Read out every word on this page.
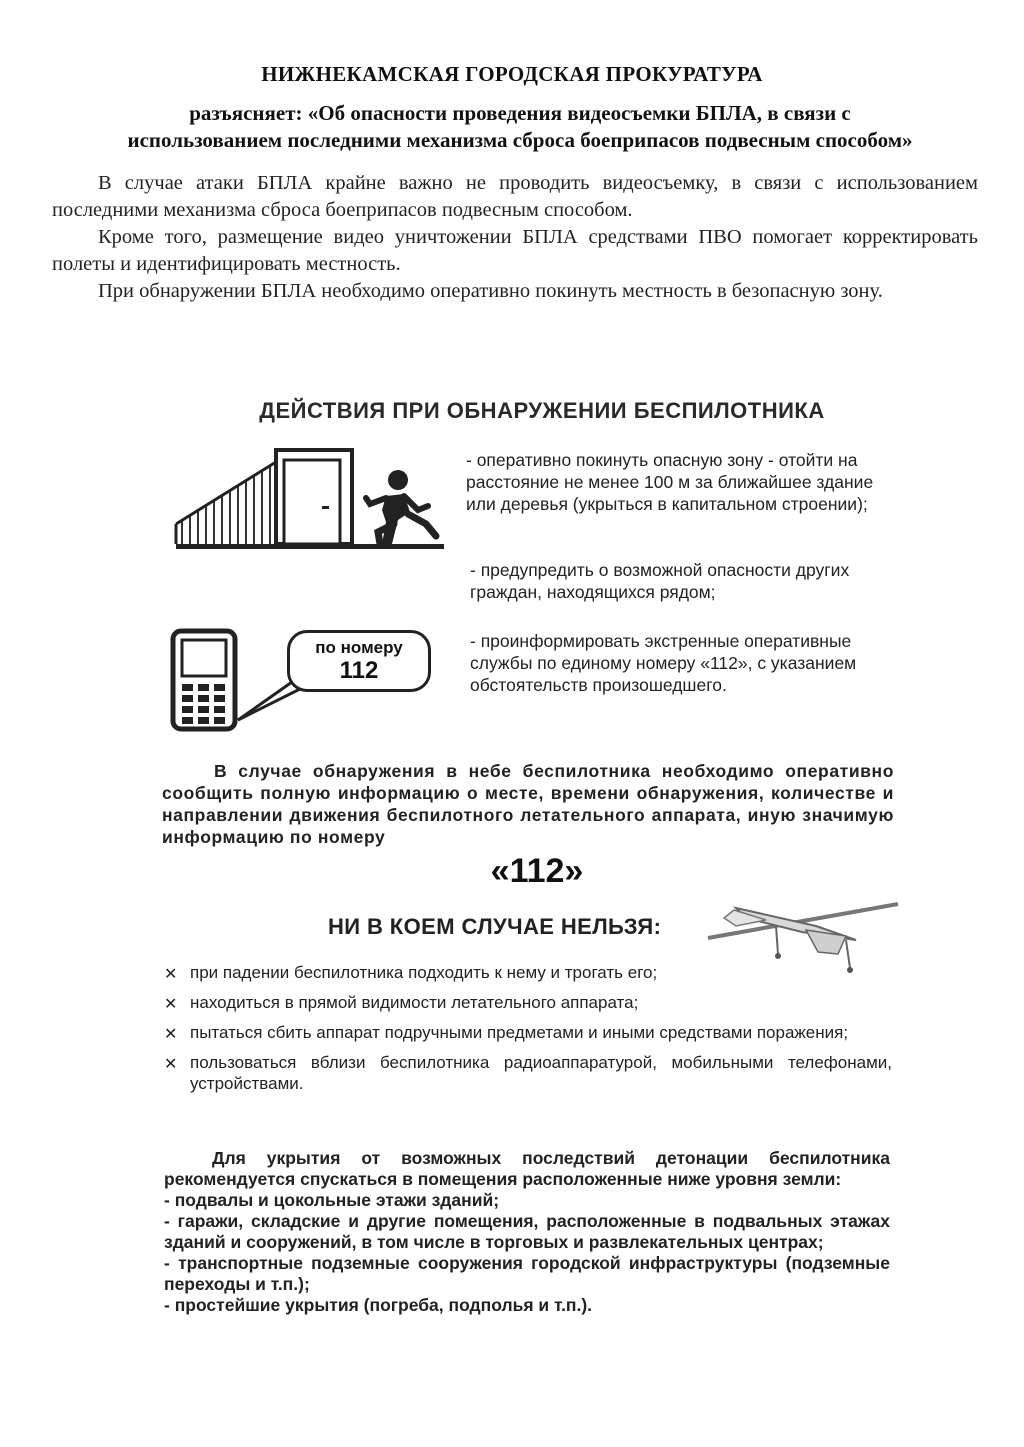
НИЖНЕКАМСКАЯ ГОРОДСКАЯ ПРОКУРАТУРА
разъясняет: «Об опасности проведения видеосъемки БПЛА, в связи с
использованием последними механизма сброса боеприпасов подвесным способом»

В случае атаки БПЛА крайне важно не проводить видеосъемку, в связи с использованием последними механизма сброса боеприпасов подвесным способом.

Кроме того, размещение видео уничтожении БПЛА средствами ПВО помогает корректировать полеты и идентифицировать местность.

При обнаружении БПЛА необходимо оперативно покинуть местность в безопасную зону.

ДЕЙСТВИЯ ПРИ ОБНАРУЖЕНИИ БЕСПИЛОТНИКА
- оперативно покинуть опасную зону - отойти на расстояние не менее 100 м за ближайшее здание или деревья (укрыться в капитальном строении);
- предупредить о возможной опасности других граждан, находящихся рядом;
по номеру
112
- проинформировать экстренные оперативные службы по единому номеру «112», с указанием обстоятельств произошедшего.
В случае обнаружения в небе беспилотника необходимо оперативно сообщить полную информацию о месте, времени обнаружения, количестве и направлении движения беспилотного летательного аппарата, иную значимую информацию по номеру
«112»
НИ В КОЕМ СЛУЧАЕ НЕЛЬЗЯ:
✕ при падении беспилотника подходить к нему и трогать его;
✕ находиться в прямой видимости летательного аппарата;
✕ пытаться сбить аппарат подручными предметами и иными средствами поражения;
✕ пользоваться вблизи беспилотника радиоаппаратурой, мобильными телефонами, устройствами.
Для укрытия от возможных последствий детонации беспилотника рекомендуется спускаться в помещения расположенные ниже уровня земли:
- подвалы и цокольные этажи зданий;
- гаражи, складские и другие помещения, расположенные в подвальных этажах зданий и сооружений, в том числе в торговых и развлекательных центрах;
- транспортные подземные сооружения городской инфраструктуры (подземные переходы и т.п.);
- простейшие укрытия (погреба, подполья и т.п.).
